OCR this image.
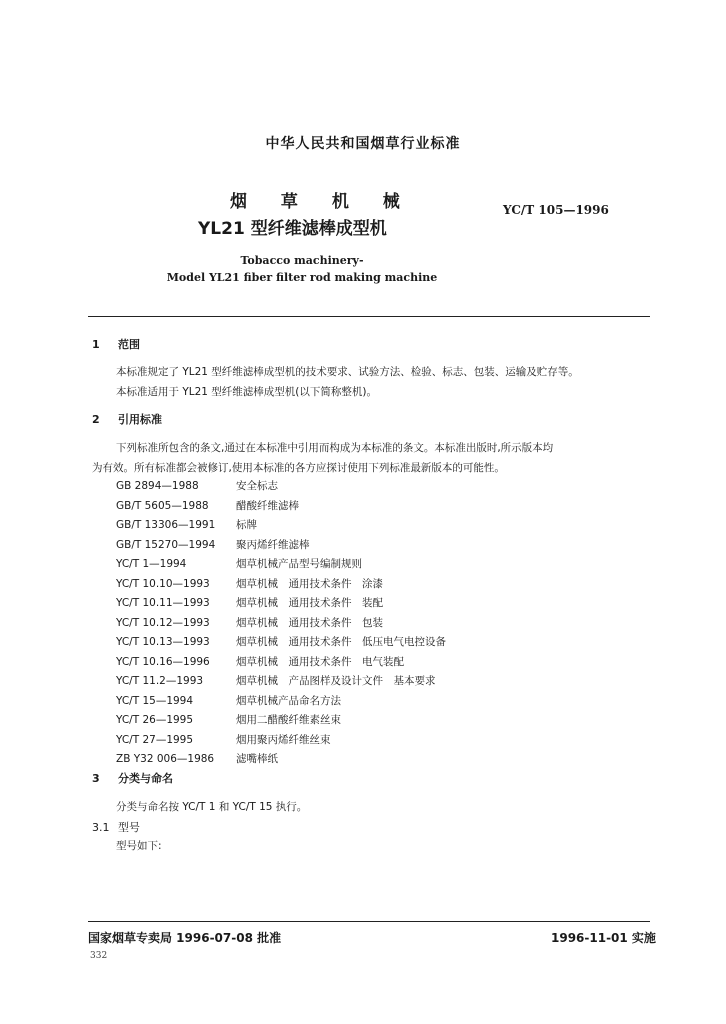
中华人民共和国烟草行业标准
烟 草 机 械
YL21 型纤维滤棒成型机
YC/T 105—1996
Tobacco machinery-
Model YL21 fiber filter rod making machine
1 范围
本标准规定了 YL21 型纤维滤棒成型机的技术要求、试验方法、检验、标志、包装、运输及贮存等。
本标准适用于 YL21 型纤维滤棒成型机(以下简称整机)。
2 引用标准
下列标准所包含的条文,通过在本标准中引用而构成为本标准的条文。本标准出版时,所示版本均
为有效。所有标准都会被修订,使用本标准的各方应探讨使用下列标准最新版本的可能性。
GB 2894—1988	安全标志
GB/T 5605—1988	醋酸纤维滤棒
GB/T 13306—1991 标牌
GB/T 15270—1994 聚丙烯纤维滤棒
YC/T 1—1994	烟草机械产品型号编制规则
YC/T 10.10—1993	烟草机械　通用技术条件　涂漆
YC/T 10.11—1993	烟草机械　通用技术条件　装配
YC/T 10.12—1993	烟草机械　通用技术条件　包装
YC/T 10.13—1993	烟草机械　通用技术条件　低压电气电控设备
YC/T 10.16—1996	烟草机械　通用技术条件　电气装配
YC/T 11.2—1993	烟草机械　产品图样及设计文件　基本要求
YC/T 15—1994	烟草机械产品命名方法
YC/T 26—1995	烟用二醋酸纤维素丝束
YC/T 27—1995	烟用聚丙烯纤维丝束
ZB Y32 006—1986 滤嘴棒纸
3 分类与命名
分类与命名按 YC/T 1 和 YC/T 15 执行。
3.1 型号
型号如下:
国家烟草专卖局 1996-07-08 批准	1996-11-01 实施
332
